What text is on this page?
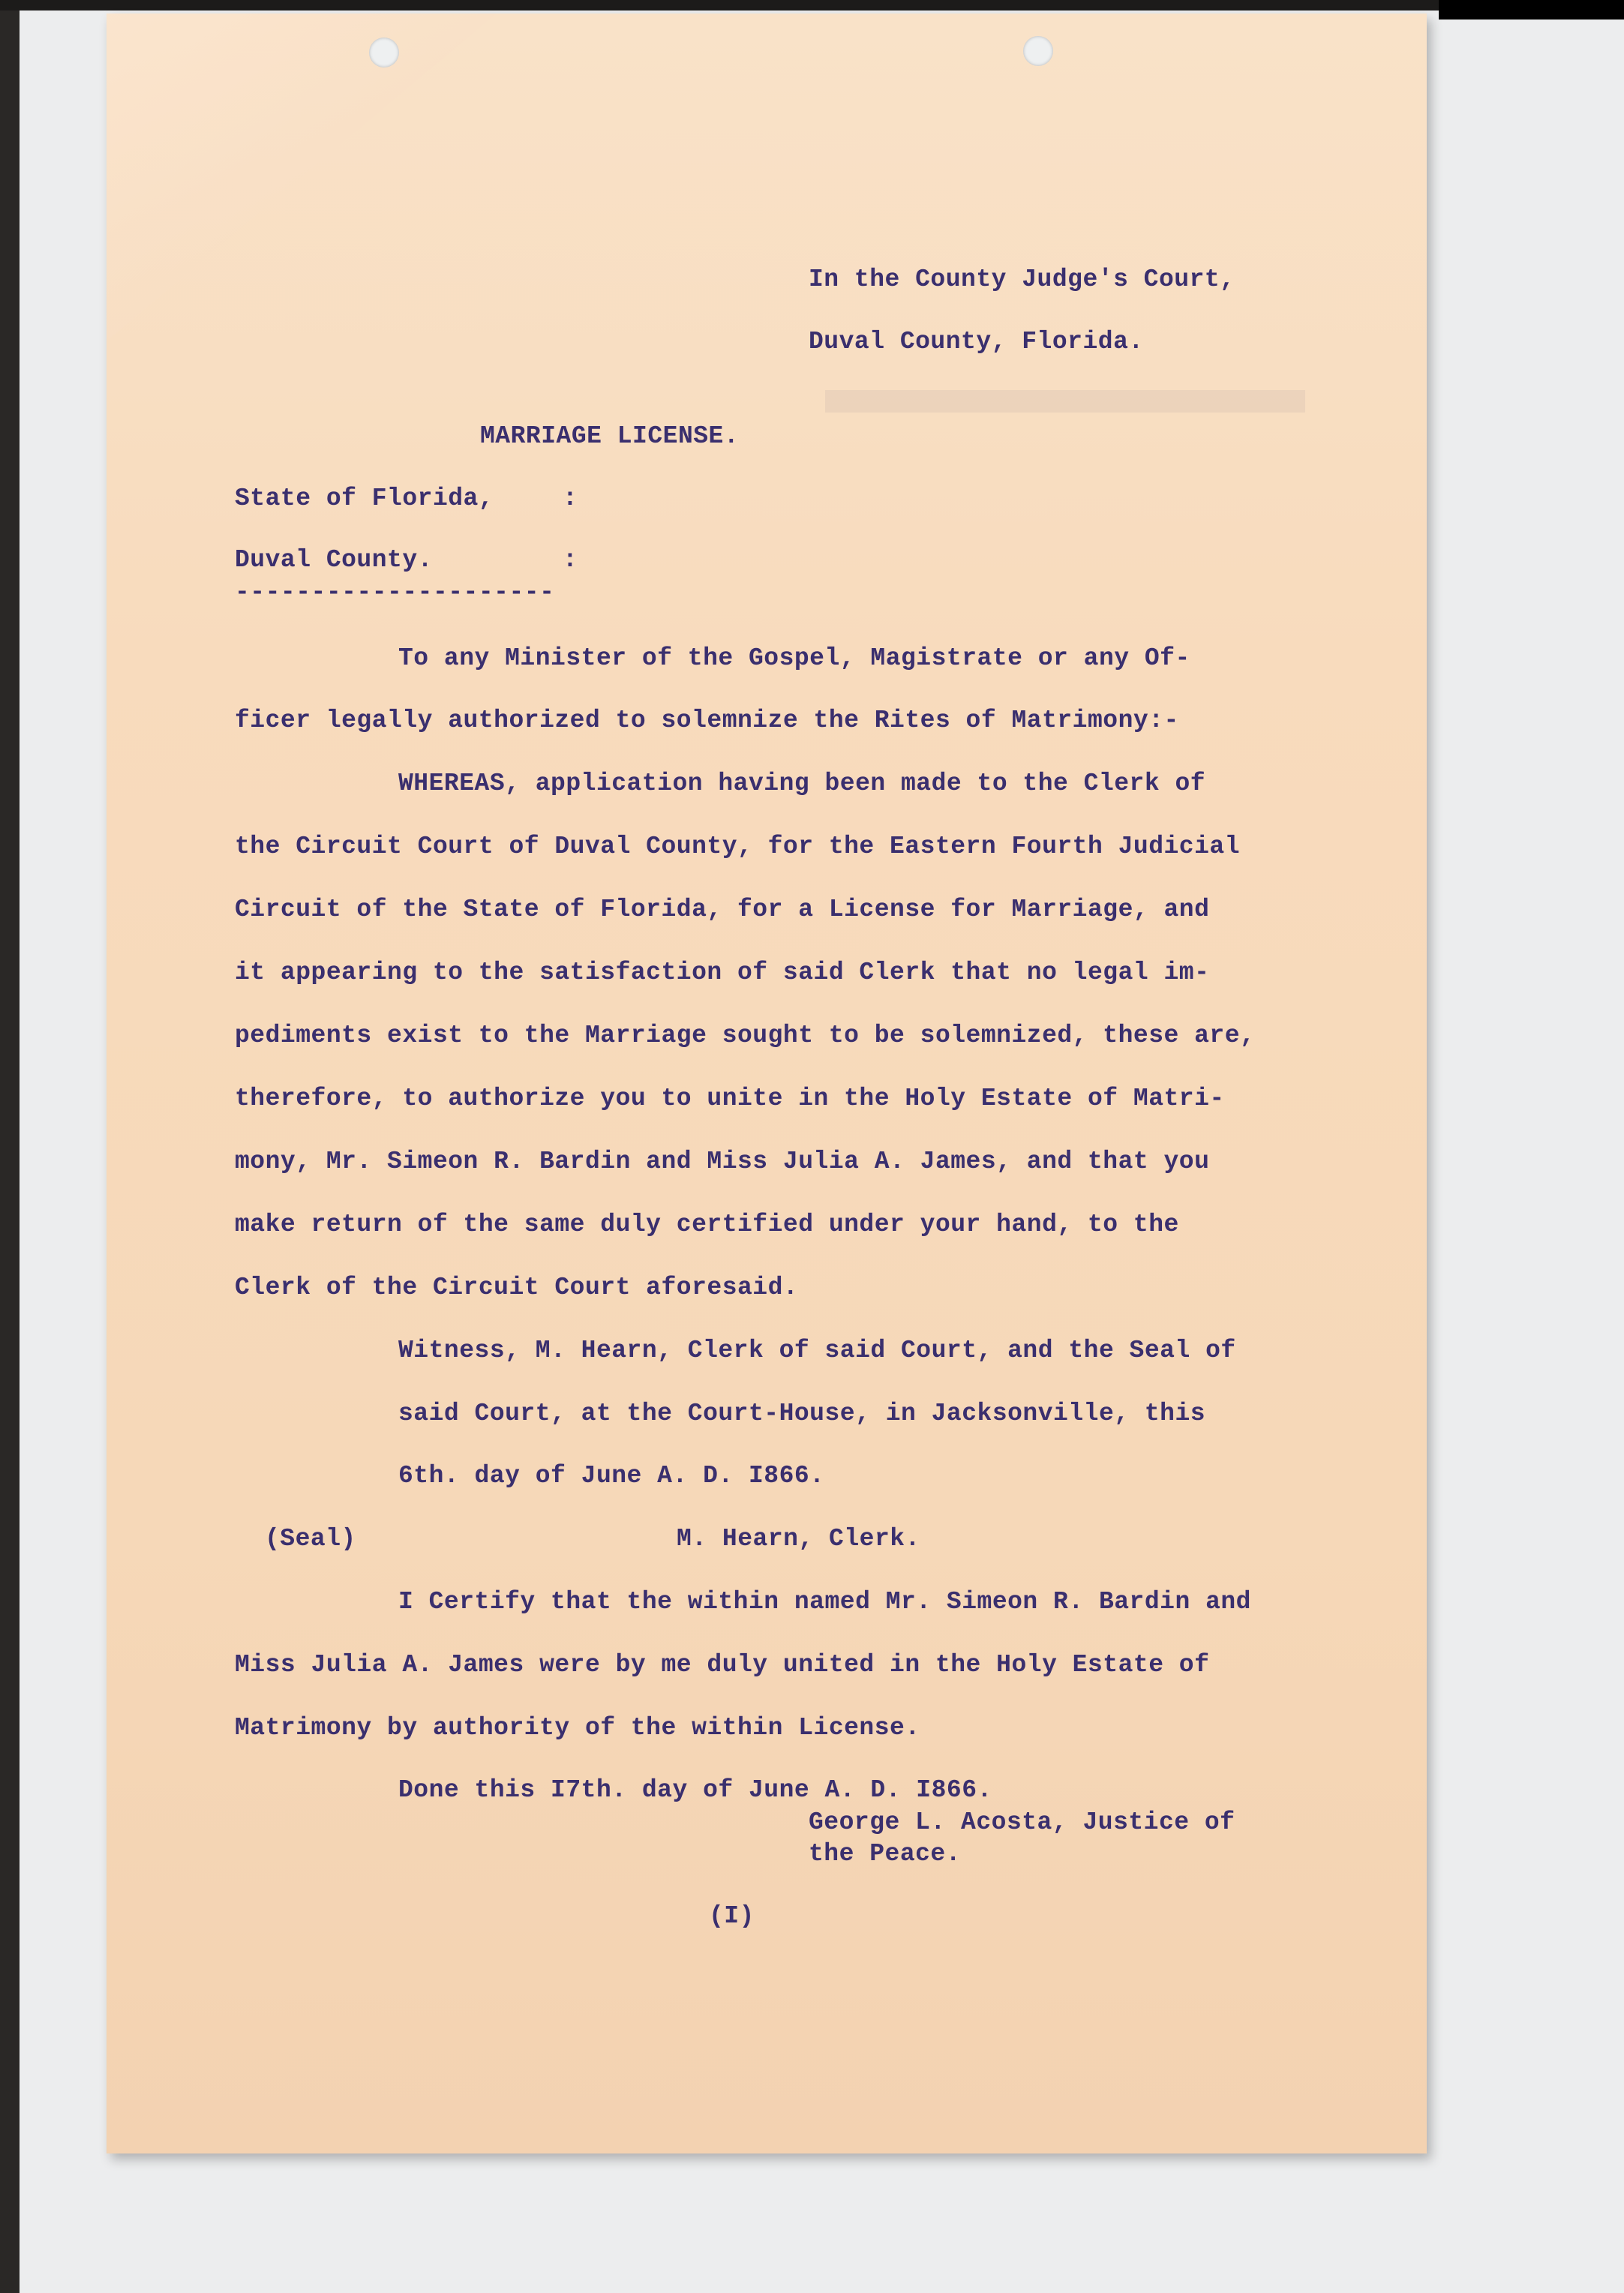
In the County Judge's Court,
Duval County, Florida.
MARRIAGE LICENSE.
State of Florida,	:
Duval County.	:
---------------------
To any Minister of the Gospel, Magistrate or any Of-
ficer legally authorized to solemnize the Rites of Matrimony:-
WHEREAS, application having been made to the Clerk of
the Circuit Court of Duval County, for the Eastern Fourth Judicial
Circuit of the State of Florida, for a License for Marriage, and
it appearing to the satisfaction of said Clerk that no legal im-
pediments exist to the Marriage sought to be solemnized, these are,
therefore, to authorize you to unite in the Holy Estate of Matri-
mony, Mr. Simeon R. Bardin and Miss Julia A. James, and that you
make return of the same duly certified under your hand, to the
Clerk of the Circuit Court aforesaid.
Witness, M. Hearn, Clerk of said Court, and the Seal of
said Court, at the Court-House, in Jacksonville, this
6th. day of June A. D. I866.
(Seal)	M. Hearn, Clerk.
I Certify that the within named Mr. Simeon R. Bardin and
Miss Julia A. James were by me duly united in the Holy Estate of
Matrimony by authority of the within License.
Done this I7th. day of June A. D. I866.
George L. Acosta, Justice of
the Peace.
(I)
